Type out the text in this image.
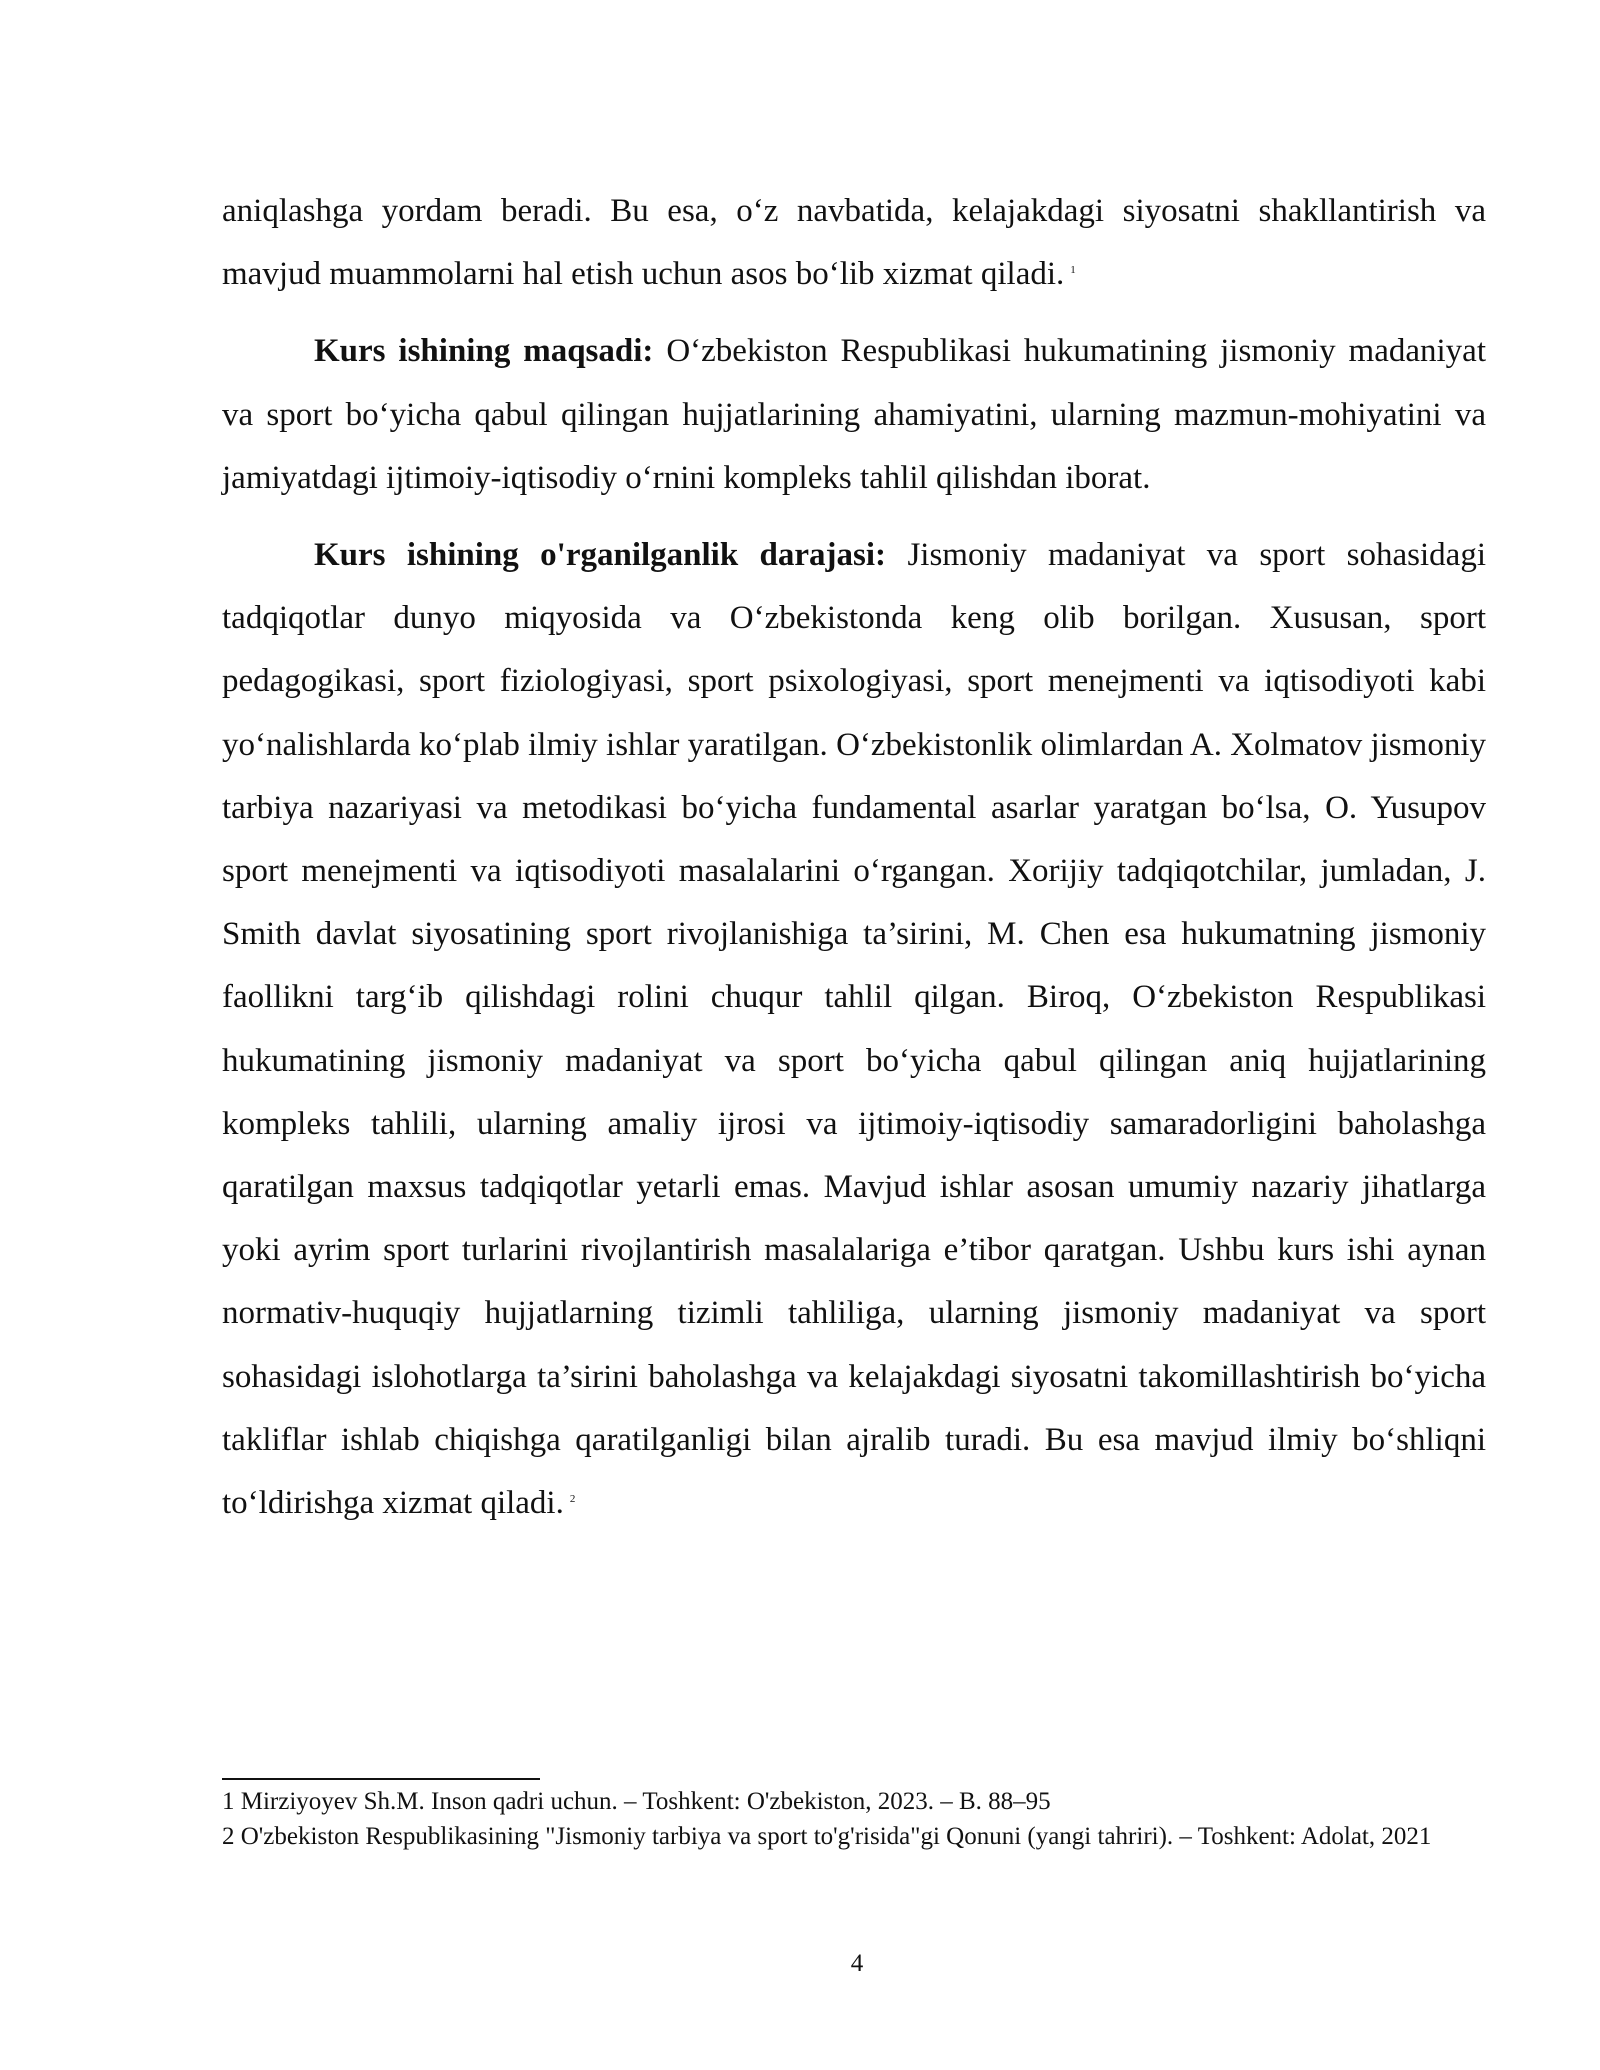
aniqlashga yordam beradi. Bu esa, oʻz navbatida, kelajakdagi siyosatni shakllantirish va mavjud muammolarni hal etish uchun asos boʻlib xizmat qiladi. $^1$

Kurs ishining maqsadi: Oʻzbekiston Respublikasi hukumatining jismoniy madaniyat va sport boʻyicha qabul qilingan hujjatlarining ahamiyatini, ularning mazmun-mohiyatini va jamiyatdagi ijtimoiy-iqtisodiy oʻrnini kompleks tahlil qilishdan iborat.

Kurs ishining o'rganilganlik darajasi: Jismoniy madaniyat va sport sohasidagi tadqiqotlar dunyo miqyosida va Oʻzbekistonda keng olib borilgan. Xususan, sport pedagogikasi, sport fiziologiyasi, sport psixologiyasi, sport menejmenti va iqtisodiyoti kabi yoʻnalishlarda koʻplab ilmiy ishlar yaratilgan. Oʻzbekistonlik olimlardan A. Xolmatov jismoniy tarbiya nazariyasi va metodikasi boʻyicha fundamental asarlar yaratgan boʻlsa, O. Yusupov sport menejmenti va iqtisodiyoti masalalarini oʻrgangan. Xorijiy tadqiqotchilar, jumladan, J. Smith davlat siyosatining sport rivojlanishiga ta’sirini, M. Chen esa hukumatning jismoniy faollikni targʻib qilishdagi rolini chuqur tahlil qilgan. Biroq, Oʻzbekiston Respublikasi hukumatining jismoniy madaniyat va sport boʻyicha qabul qilingan aniq hujjatlarining kompleks tahlili, ularning amaliy ijrosi va ijtimoiy-iqtisodiy samaradorligini baholashga qaratilgan maxsus tadqiqotlar yetarli emas. Mavjud ishlar asosan umumiy nazariy jihatlarga yoki ayrim sport turlarini rivojlantirish masalalariga e’tibor qaratgan. Ushbu kurs ishi aynan normativ-huquqiy hujjatlarning tizimli tahliliga, ularning jismoniy madaniyat va sport sohasidagi islohotlarga ta’sirini baholashga va kelajakdagi siyosatni takomillashtirish boʻyicha takliflar ishlab chiqishga qaratilganligi bilan ajralib turadi. Bu esa mavjud ilmiy boʻshliqni toʻldirishga xizmat qiladi. $^2$

1 Mirziyoyev Sh.M. Inson qadri uchun. – Toshkent: O'zbekiston, 2023. – B. 88–95

2 O'zbekiston Respublikasining "Jismoniy tarbiya va sport to'g'risida"gi Qonuni (yangi tahriri). – Toshkent: Adolat, 2021

4
